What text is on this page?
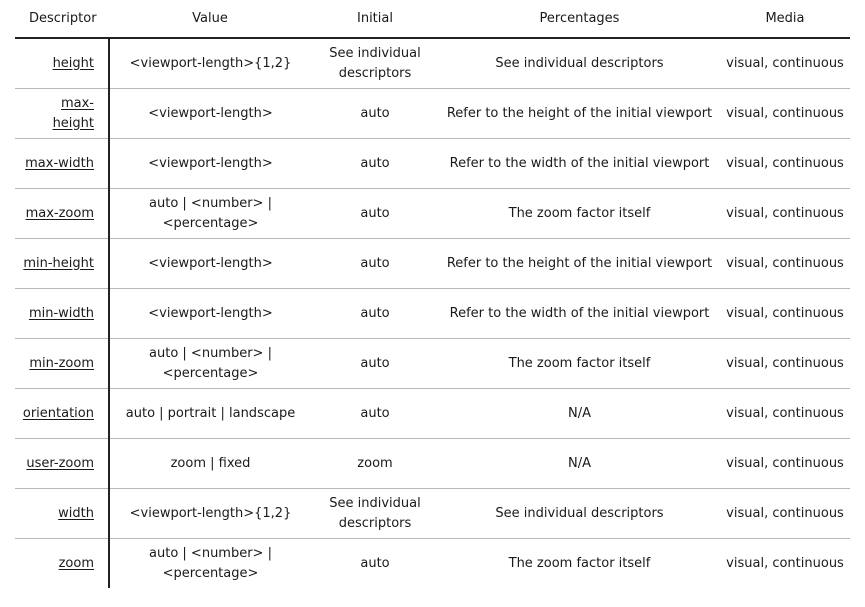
Descriptor	Value	Initial	Percentages	Media
height	<viewport-length>{1,2}	See individual descriptors	See individual descriptors	visual, continuous
max-height	<viewport-length>	auto	Refer to the height of the initial viewport	visual, continuous
max-width	<viewport-length>	auto	Refer to the width of the initial viewport	visual, continuous
max-zoom	auto | <number> | <percentage>	auto	The zoom factor itself	visual, continuous
min-height	<viewport-length>	auto	Refer to the height of the initial viewport	visual, continuous
min-width	<viewport-length>	auto	Refer to the width of the initial viewport	visual, continuous
min-zoom	auto | <number> | <percentage>	auto	The zoom factor itself	visual, continuous
orientation	auto | portrait | landscape	auto	N/A	visual, continuous
user-zoom	zoom | fixed	zoom	N/A	visual, continuous
width	<viewport-length>{1,2}	See individual descriptors	See individual descriptors	visual, continuous
zoom	auto | <number> | <percentage>	auto	The zoom factor itself	visual, continuous
